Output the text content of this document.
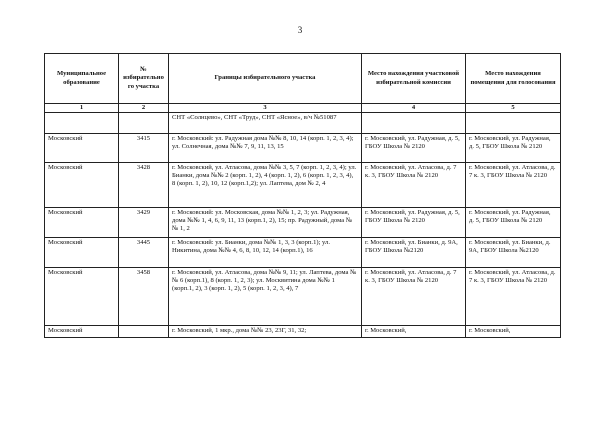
3
Муниципальное образование	№ избирательного участка	Границы избирательного участка	Место нахождения участковой избирательной комиссии	Место нахождения помещения для голосования
1	2	3	4	5
		СНТ «Солнцево», СНТ «Труд», СНТ «Ясное», в/ч №51087		
Московский	3415	г. Московский: ул. Радужная дома №№ 8, 10, 14 (корп. 1, 2, 3, 4); ул. Солнечная, дома №№ 7, 9, 11, 13, 15	г. Московский, ул. Радужная, д. 5, ГБОУ Школа № 2120	г. Московский, ул. Радужная, д. 5, ГБОУ Школа № 2120
Московский	3428	г. Московский, ул. Атласова, дома №№ 3, 5, 7 (корп. 1, 2, 3, 4); ул. Бианки, дома №№ 2 (корп. 1, 2), 4 (корп. 1, 2), 6 (корп. 1, 2, 3, 4), 8 (корп. 1, 2), 10, 12 (корп.1,2); ул. Лаптева, дом № 2, 4	г. Московский, ул. Атласова, д. 7 к. 3, ГБОУ Школа № 2120	г. Московский, ул. Атласова, д. 7 к. 3, ГБОУ Школа № 2120
Московский	3429	г. Московский: ул. Московская, дома №№ 1, 2, 3; ул. Радужная, дома №№ 1, 4, 6, 9, 11, 13 (корп.1, 2), 15; пр. Радужный, дома №№ 1, 2	г. Московский, ул. Радужная, д. 5, ГБОУ Школа № 2120	г. Московский, ул. Радужная, д. 5, ГБОУ Школа № 2120
Московский	3445	г. Московский: ул. Бианки, дома №№ 1, 3, 3 (корп.1); ул. Никитина, дома №№ 4, 6, 8, 10, 12, 14 (корп.1), 16	г. Московский, ул. Бианки, д. 9А, ГБОУ Школа №2120	г. Московский, ул. Бианки, д. 9А, ГБОУ Школа №2120
Московский	3458	г. Московский, ул. Атласова, дома №№ 9, 11; ул. Лаптева, дома №№ 6 (корп.1), 8 (корп. 1, 2, 3); ул. Москвитина дома №№ 1 (корп.1, 2), 3 (корп. 1, 2), 5 (корп. 1, 2, 3, 4), 7	г. Московский, ул. Атласова, д. 7 к. 3, ГБОУ Школа № 2120	г. Московский, ул. Атласова, д. 7 к. 3, ГБОУ Школа № 2120
Московский		г. Московский, 1 мкр., дома №№ 23, 23Г, 31, 32;	г. Московский,	г. Московский,
